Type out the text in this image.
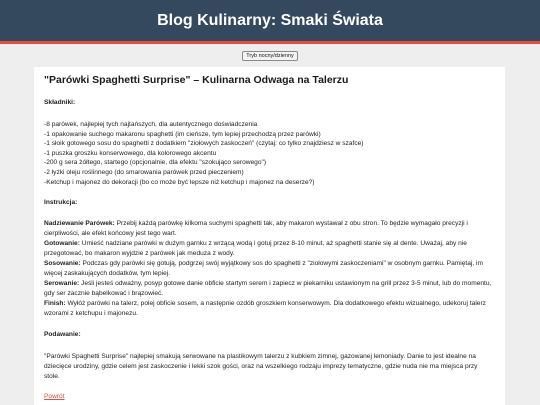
Blog Kulinarny: Smaki Świata
Tryb nocny/dzienny
"Parówki Spaghetti Surprise" – Kulinarna Odwaga na Talerzu
Składniki:
-8 parówek, najlepiej tych najtańszych, dla autentycznego doświadczenia
-1 opakowanie suchego makaronu spaghetti (im cieńsze, tym lepiej przechodzą przez parówki)
-1 słoik gotowego sosu do spaghetti z dodatkiem "ziołowych zaskoczeń" (czytaj: co tylko znajdziesz w szafce)
-1 puszka groszku konserwowego, dla kolorowego akcentu
-200 g sera żółtego, startego (opcjonalnie, dla efektu "szokująco serowego")
-2 łyżki oleju roślinnego (do smarowania parówek przed pieczeniem)
-Ketchup i majonez do dekoracji (bo co może być lepsze niż ketchup i majonez na deserze?)
Instrukcja:

Nadziewanie Parówek: Przebij każdą parówkę kilkoma suchymi spaghetti tak, aby makaron wystawał z obu stron. To będzie wymagało precyzji i cierpliwości, ale efekt końcowy jest tego wart.

Gotowanie: Umieść nadziane parówki w dużym garnku z wrzącą wodą i gotuj przez 8-10 minut, aż spaghetti stanie się al dente. Uważaj, aby nie przegotować, bo makaron wyjdzie z parówek jak meduza z wody.

Sosowanie: Podczas gdy parówki się gotują, podgrzej swój wyjątkowy sos do spaghetti z "ziołowymi zaskoczeniami" w osobnym garnku. Pamiętaj, im więcej zaskakujących dodatków, tym lepiej.

Serowanie: Jeśli jesteś odważny, posyp gotowe danie obficie startym serem i zapiecz w piekarniku ustawionym na grill przez 3-5 minut, lub do momentu, gdy ser zacznie bąbelkować i brązowieć.

Finish: Wyłóż parówki na talerz, polej obficie sosem, a następnie ozdób groszkiem konserwowym. Dla dodatkowego efektu wizualnego, udekoruj talerz wzorami z ketchupu i majonezu.

Podawanie:

"Parówki Spaghetti Surprise" najlepiej smakują serwowane na plastikowym talerzu z kubkiem zimnej, gazowanej lemoniady. Danie to jest idealne na dziecięce urodziny, gdzie celem jest zaskoczenie i lekki szok gości, oraz na wszelkiego rodzaju imprezy tematyczne, gdzie nuda nie ma miejsca przy stole.

Powrót
